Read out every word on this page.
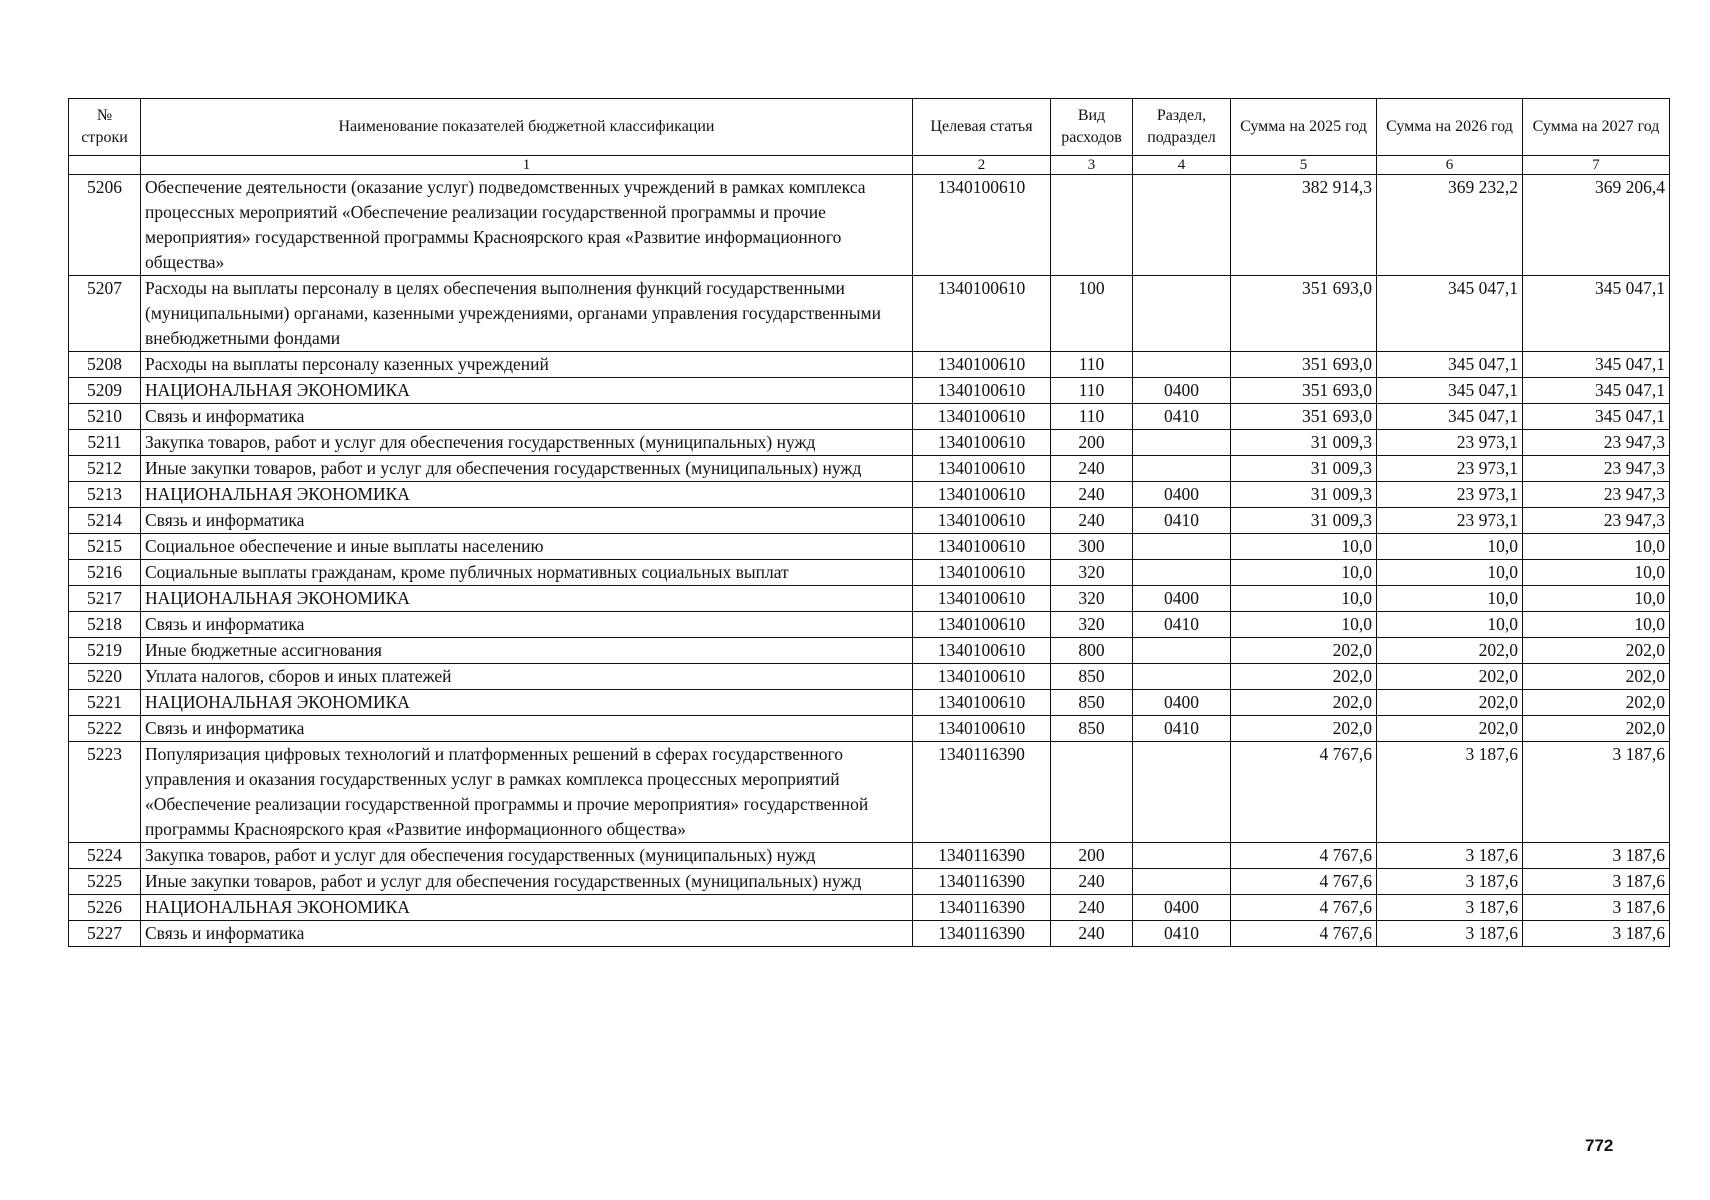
№ строки	Наименование показателей бюджетной классификации	Целевая статья	Вид расходов	Раздел, подраздел	Сумма на 2025 год	Сумма на 2026 год	Сумма на 2027 год
	1	2	3	4	5	6	7
5206	Обеспечение деятельности (оказание услуг) подведомственных учреждений в рамках комплекса процессных мероприятий «Обеспечение реализации государственной программы и прочие мероприятия» государственной программы Красноярского края «Развитие информационного общества»	1340100610			382 914,3	369 232,2	369 206,4
5207	Расходы на выплаты персоналу в целях обеспечения выполнения функций государственными (муниципальными) органами, казенными учреждениями, органами управления государственными внебюджетными фондами	1340100610	100		351 693,0	345 047,1	345 047,1
5208	Расходы на выплаты персоналу казенных учреждений	1340100610	110		351 693,0	345 047,1	345 047,1
5209	НАЦИОНАЛЬНАЯ ЭКОНОМИКА	1340100610	110	0400	351 693,0	345 047,1	345 047,1
5210	Связь и информатика	1340100610	110	0410	351 693,0	345 047,1	345 047,1
5211	Закупка товаров, работ и услуг для обеспечения государственных (муниципальных) нужд	1340100610	200		31 009,3	23 973,1	23 947,3
5212	Иные закупки товаров, работ и услуг для обеспечения государственных (муниципальных) нужд	1340100610	240		31 009,3	23 973,1	23 947,3
5213	НАЦИОНАЛЬНАЯ ЭКОНОМИКА	1340100610	240	0400	31 009,3	23 973,1	23 947,3
5214	Связь и информатика	1340100610	240	0410	31 009,3	23 973,1	23 947,3
5215	Социальное обеспечение и иные выплаты населению	1340100610	300		10,0	10,0	10,0
5216	Социальные выплаты гражданам, кроме публичных нормативных социальных выплат	1340100610	320		10,0	10,0	10,0
5217	НАЦИОНАЛЬНАЯ ЭКОНОМИКА	1340100610	320	0400	10,0	10,0	10,0
5218	Связь и информатика	1340100610	320	0410	10,0	10,0	10,0
5219	Иные бюджетные ассигнования	1340100610	800		202,0	202,0	202,0
5220	Уплата налогов, сборов и иных платежей	1340100610	850		202,0	202,0	202,0
5221	НАЦИОНАЛЬНАЯ ЭКОНОМИКА	1340100610	850	0400	202,0	202,0	202,0
5222	Связь и информатика	1340100610	850	0410	202,0	202,0	202,0
5223	Популяризация цифровых технологий и платформенных решений в сферах государственного управления и оказания государственных услуг в рамках комплекса процессных мероприятий «Обеспечение реализации государственной программы и прочие мероприятия» государственной программы Красноярского края «Развитие информационного общества»	1340116390			4 767,6	3 187,6	3 187,6
5224	Закупка товаров, работ и услуг для обеспечения государственных (муниципальных) нужд	1340116390	200		4 767,6	3 187,6	3 187,6
5225	Иные закупки товаров, работ и услуг для обеспечения государственных (муниципальных) нужд	1340116390	240		4 767,6	3 187,6	3 187,6
5226	НАЦИОНАЛЬНАЯ ЭКОНОМИКА	1340116390	240	0400	4 767,6	3 187,6	3 187,6
5227	Связь и информатика	1340116390	240	0410	4 767,6	3 187,6	3 187,6
772
